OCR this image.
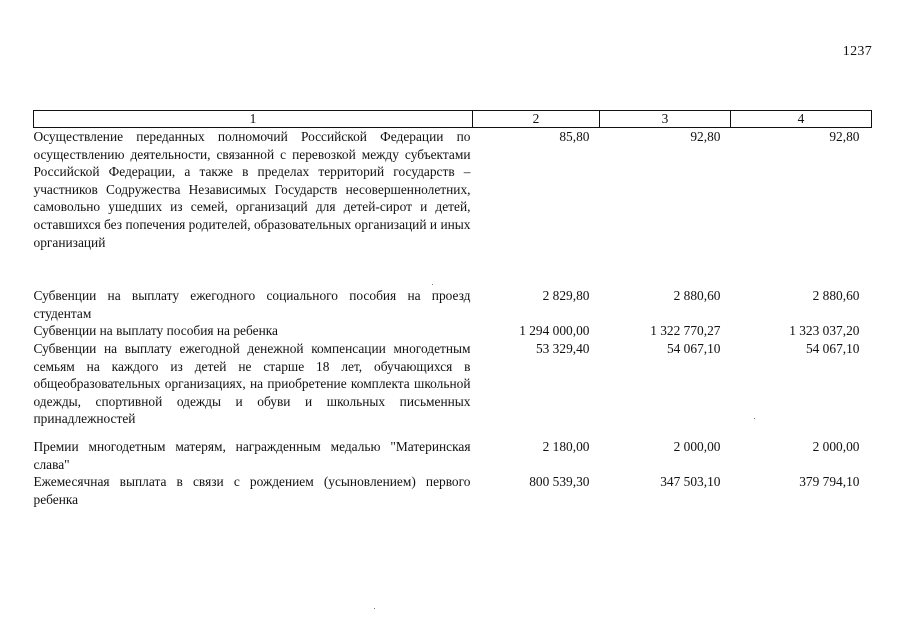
1237
1	2	3	4
Осуществление переданных полномочий Российской Федерации по осуществлению деятельности, связанной с перевозкой между субъектами Российской Федерации, а также в пределах территорий государств – участников Содружества Независимых Государств несовершеннолетних, самовольно ушедших из семей, организаций для детей-сирот и детей, оставшихся без попечения родителей, образовательных организаций и иных организаций	85,80	92,80	92,80
Субвенции на выплату ежегодного социального пособия на проезд студентам	2 829,80	2 880,60	2 880,60
Субвенции на выплату пособия на ребенка	1 294 000,00	1 322 770,27	1 323 037,20
Субвенции на выплату ежегодной денежной компенсации многодетным семьям на каждого из детей не старше 18 лет, обучающихся в общеобразовательных организациях, на приобретение комплекта школьной одежды, спортивной одежды и обуви и школьных письменных принадлежностей	53 329,40	54 067,10	54 067,10
Премии многодетным матерям, награжденным медалью "Материнская слава"	2 180,00	2 000,00	2 000,00
Ежемесячная выплата в связи с рождением (усыновлением) первого ребенка	800 539,30	347 503,10	379 794,10
